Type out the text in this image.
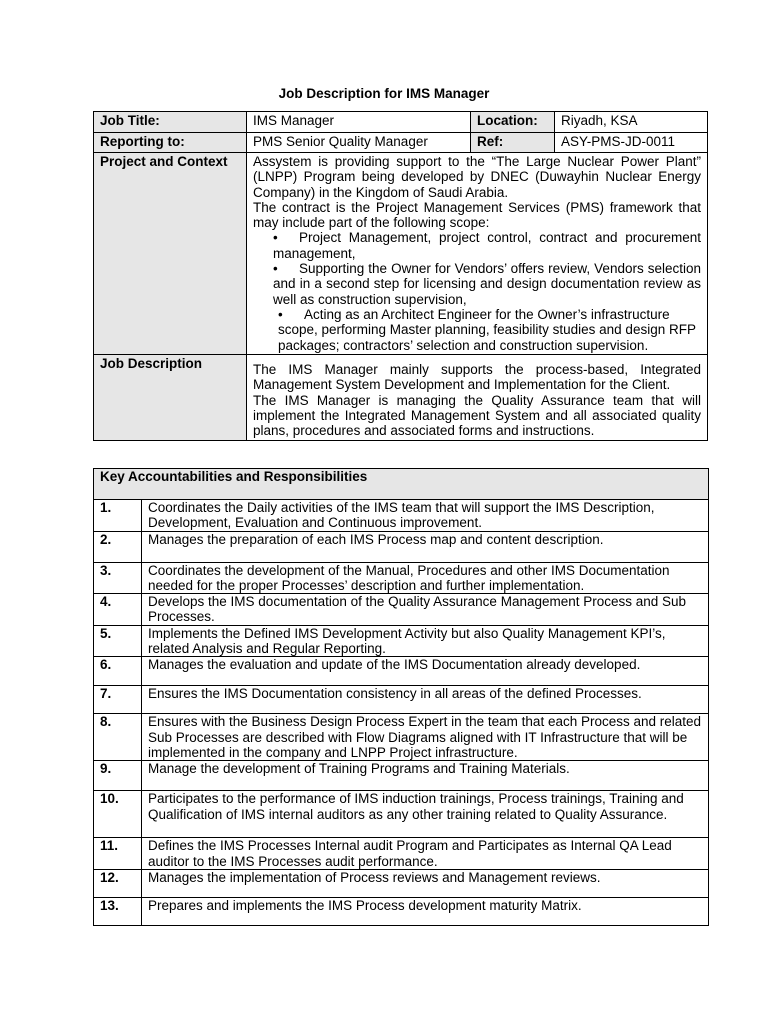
Job Description for IMS Manager
Job Title:	IMS Manager	Location:	Riyadh, KSA
Reporting to:	PMS Senior Quality Manager	Ref:	ASY-PMS-JD-0011
Project and Context	Assystem is providing support to the “The Large Nuclear Power Plant” (LNPP) Program being developed by DNEC (Duwayhin Nuclear Energy Company) in the Kingdom of Saudi Arabia.
The contract is the Project Management Services (PMS) framework that may include part of the following scope:
• Project Management, project control, contract and procurement management,
• Supporting the Owner for Vendors’ offers review, Vendors selection and in a second step for licensing and design documentation review as well as construction supervision,
• Acting as an Architect Engineer for the Owner’s infrastructure scope, performing Master planning, feasibility studies and design RFP packages; contractors’ selection and construction supervision.		

Job Description	The IMS Manager mainly supports the process-based, Integrated Management System Development and Implementation for the Client.
The IMS Manager is managing the Quality Assurance team that will implement the Integrated Management System and all associated quality plans, procedures and associated forms and instructions.		
Key Accountabilities and Responsibilities	
1.	Coordinates the Daily activities of the IMS team that will support the IMS Description, Development, Evaluation and Continuous improvement.
2.	Manages the preparation of each IMS Process map and content description.
3.	Coordinates the development of the Manual, Procedures and other IMS Documentation needed for the proper Processes’ description and further implementation.
4.	Develops the IMS documentation of the Quality Assurance Management Process and Sub Processes.
5.	Implements the Defined IMS Development Activity but also Quality Management KPI’s, related Analysis and Regular Reporting.
6.	Manages the evaluation and update of the IMS Documentation already developed.
7.	Ensures the IMS Documentation consistency in all areas of the defined Processes.
8.	Ensures with the Business Design Process Expert in the team that each Process and related Sub Processes are described with Flow Diagrams aligned with IT Infrastructure that will be implemented in the company and LNPP Project infrastructure.
9.	Manage the development of Training Programs and Training Materials.
10.	Participates to the performance of IMS induction trainings, Process trainings, Training and Qualification of IMS internal auditors as any other training related to Quality Assurance.
11.	Defines the IMS Processes Internal audit Program and Participates as Internal QA Lead auditor to the IMS Processes audit performance.
12.	Manages the implementation of Process reviews and Management reviews.
13.	Prepares and implements the IMS Process development maturity Matrix.
